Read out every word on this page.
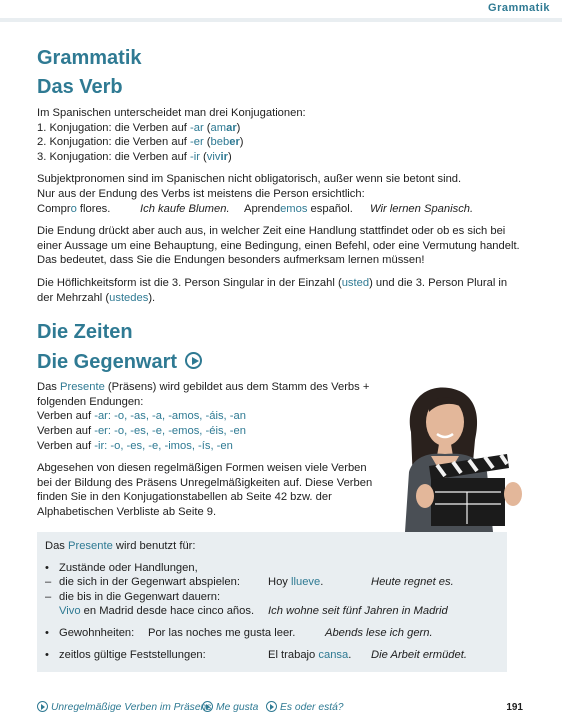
Grammatik
Grammatik
Das Verb

Im Spanischen unterscheidet man drei Konjugationen:

1. Konjugation: die Verben auf -ar (amar)

2. Konjugation: die Verben auf -er (beber)

3. Konjugation: die Verben auf -ir (vivir)

Subjektpronomen sind im Spanischen nicht obligatorisch, außer wenn sie betont sind.

Nur aus der Endung des Verbs ist meistens die Person ersichtlich:

Compro flores.	Ich kaufe Blumen. Aprendemos español. Wir lernen Spanisch.

Die Endung drückt aber auch aus, in welcher Zeit eine Handlung stattfindet oder ob es sich bei einer Aussage um eine Behauptung, eine Bedingung, einen Befehl, oder eine Vermutung handelt. Das bedeutet, dass Sie die Endungen besonders aufmerksam lernen müssen!

Die Höflichkeitsform ist die 3. Person Singular in der Einzahl (usted) und die 3. Person Plural in der Mehrzahl (ustedes).

Die Zeiten
Die Gegenwart

Das Presente (Präsens) wird gebildet aus dem Stamm des Verbs + folgenden Endungen:

Verben auf -ar: -o, -as, -a, -amos, -áis, -an

Verben auf -er: -o, -es, -e, -emos, -éis, -en

Verben auf -ir: -o, -es, -e, -imos, -ís, -en

Abgesehen von diesen regelmäßigen Formen weisen viele Verben bei der Bildung des Präsens Unregelmäßigkeiten auf. Diese Verben finden Sie in den Konjugationstabellen ab Seite 42 bzw. der Alphabetischen Verbliste ab Seite 9.

Das Presente wird benutzt für:
• Zustände oder Handlungen,
– die sich in der Gegenwart abspielen:	Hoy llueve.	Heute regnet es.
– die bis in die Gegenwart dauern:
Vivo en Madrid desde hace cinco años. Ich wohne seit fünf Jahren in Madrid
• Gewohnheiten: Por las noches me gusta leer.	Abends lese ich gern.
• zeitlos gültige Feststellungen:	El trabajo cansa. Die Arbeit ermüdet.
Unregelmäßige Verben im Präsens Me gusta	Es oder está?	191
